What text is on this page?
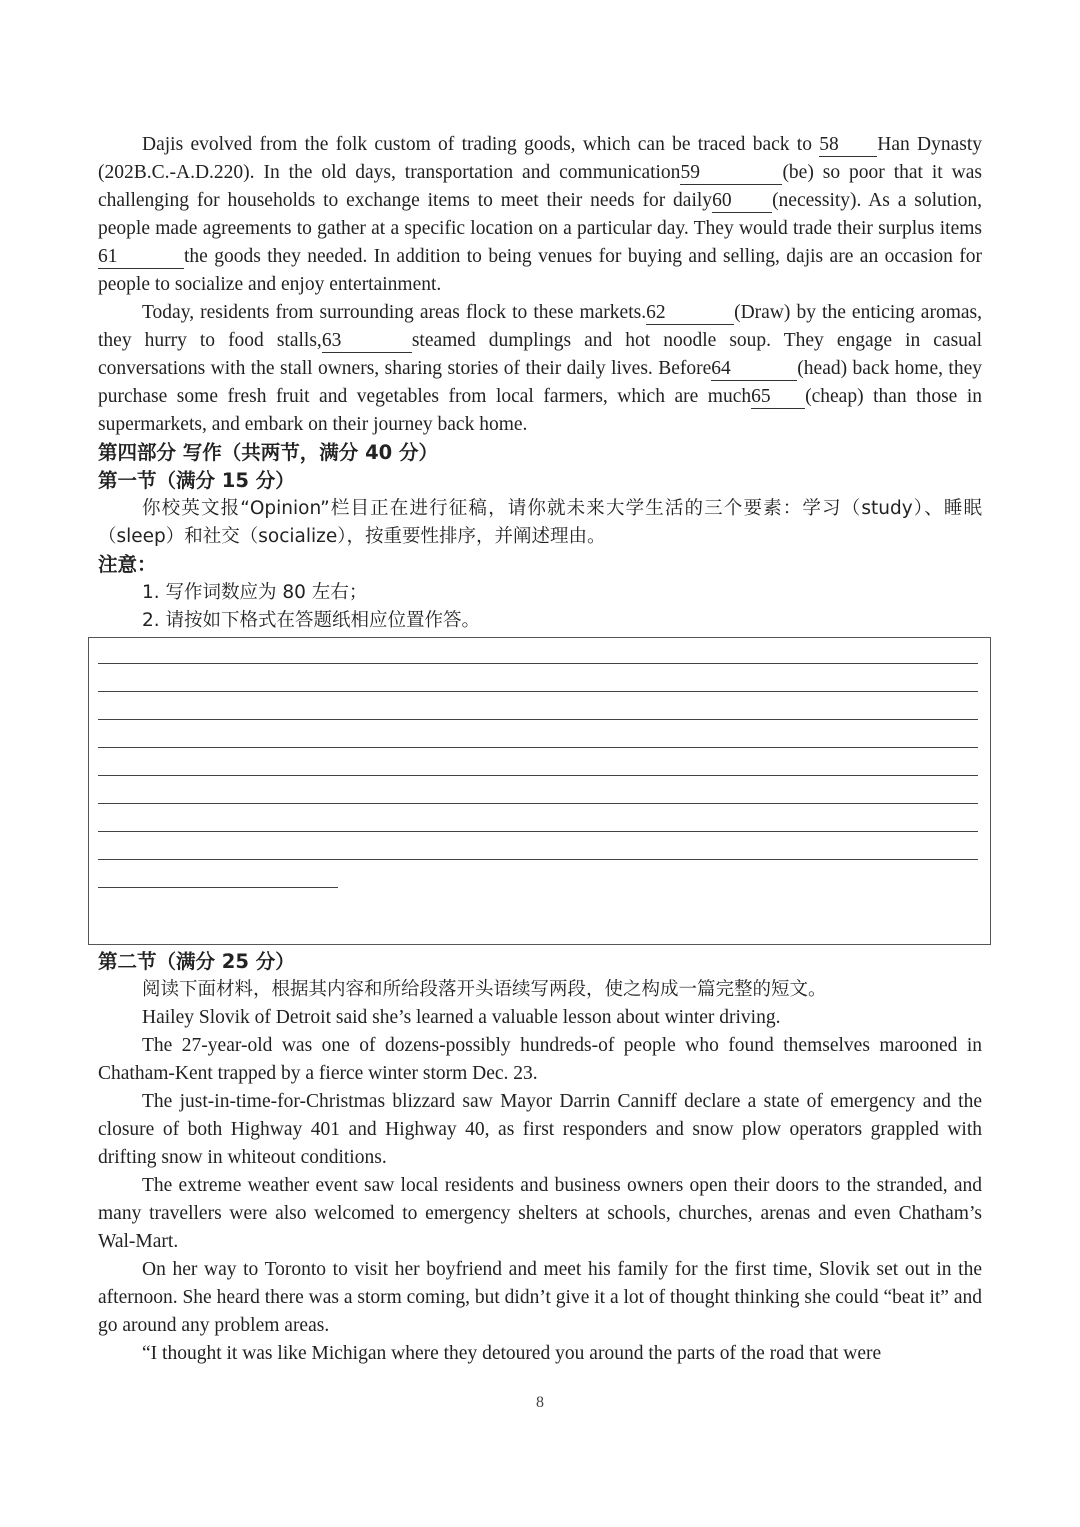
Dajis evolved from the folk custom of trading goods, which can be traced back to 58 Han Dynasty (202B.C.-A.D.220). In the old days, transportation and communication59	(be) so poor that it was challenging for households to exchange items to meet their needs for daily60 (necessity). As a solution, people made agreements to gather at a specific location on a particular day. They would trade their surplus items61	the goods they needed. In addition to being venues for buying and selling, dajis are an occasion for people to socialize and enjoy entertainment.

Today, residents from surrounding areas flock to these markets.62	(Draw) by the enticing aromas, they hurry to food stalls,63	steamed dumplings and hot noodle soup. They engage in casual conversations with the stall owners, sharing stories of their daily lives. Before64	(head) back home, they purchase some fresh fruit and vegetables from local farmers, which are much65 (cheap) than those in supermarkets, and embark on their journey back home.

第四部分 写作（共两节，满分 40 分）

第一节（满分 15 分）

你校英文报“Opinion”栏目正在进行征稿，请你就未来大学生活的三个要素：学习（study）、睡眠（sleep）和社交（socialize），按重要性排序，并阐述理由。

注意：

1. 写作词数应为 80 左右；

2. 请按如下格式在答题纸相应位置作答。

第二节（满分 25 分）

阅读下面材料，根据其内容和所给段落开头语续写两段，使之构成一篇完整的短文。

Hailey Slovik of Detroit said she’s learned a valuable lesson about winter driving.

The 27-year-old was one of dozens-possibly hundreds-of people who found themselves marooned in Chatham-Kent trapped by a fierce winter storm Dec. 23.

The just-in-time-for-Christmas blizzard saw Mayor Darrin Canniff declare a state of emergency and the closure of both Highway 401 and Highway 40, as first responders and snow plow operators grappled with drifting snow in whiteout conditions.

The extreme weather event saw local residents and business owners open their doors to the stranded, and many travellers were also welcomed to emergency shelters at schools, churches, arenas and even Chatham’s Wal-Mart.

On her way to Toronto to visit her boyfriend and meet his family for the first time, Slovik set out in the afternoon. She heard there was a storm coming, but didn’t give it a lot of thought thinking she could “beat it” and go around any problem areas.

“I thought it was like Michigan where they detoured you around the parts of the road that were

8
